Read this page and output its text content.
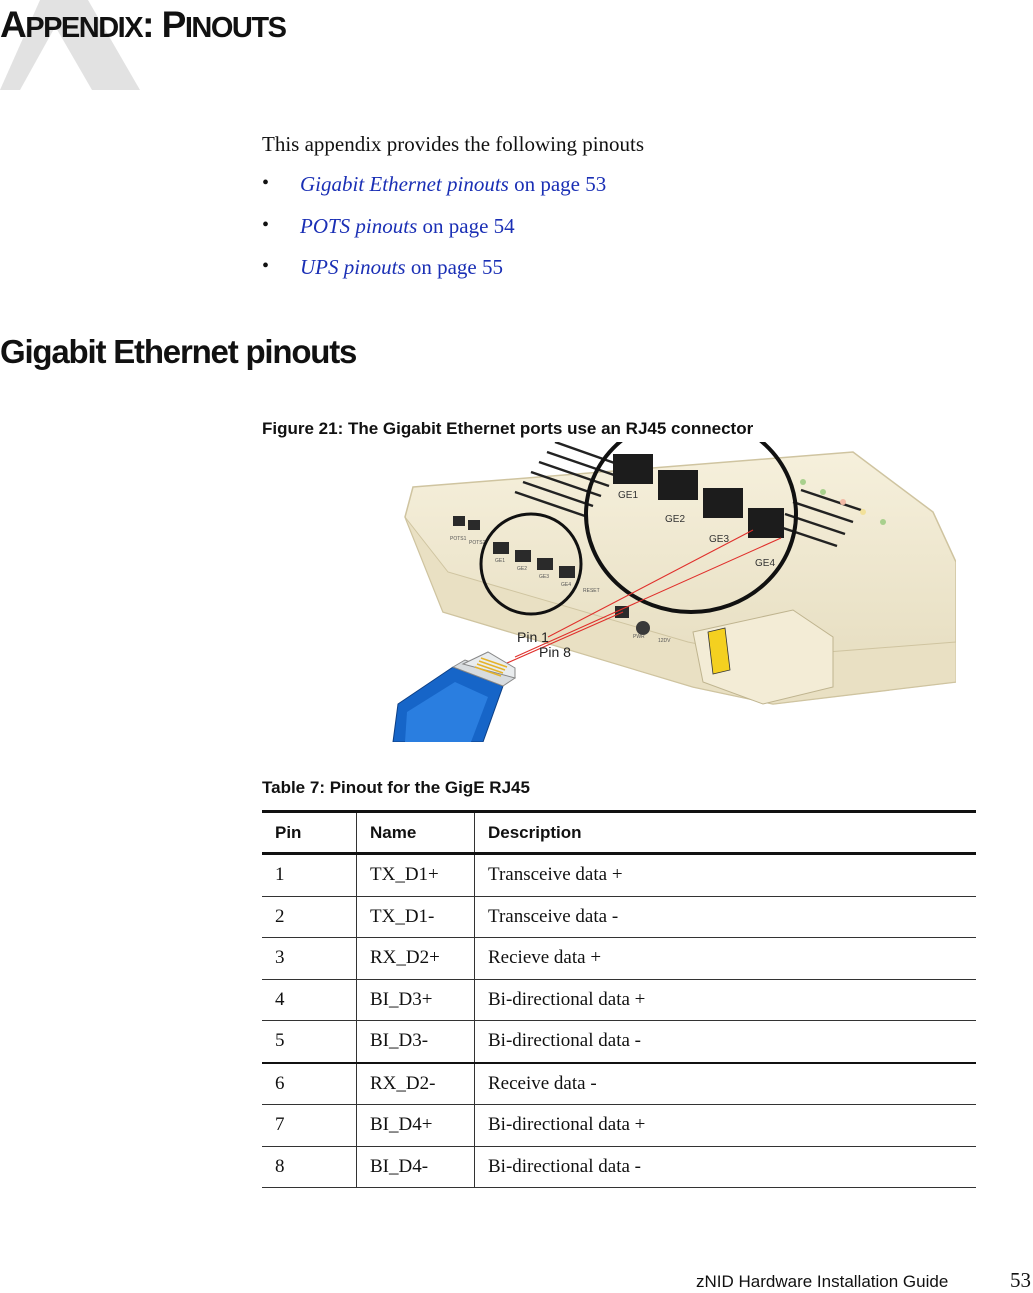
APPENDIX: PINOUTS

This appendix provides the following pinouts

• Gigabit Ethernet pinouts on page 53
• POTS pinouts on page 54
• UPS pinouts on page 55
Gigabit Ethernet pinouts

Figure 21: The Gigabit Ethernet ports use an RJ45 connector

POTS1
POTS2
GE1
GE2
GE3
GE4
RESET
PWR
12DV
GE1
GE2
GE3
GE4
Pin 1
Pin 8

Table 7: Pinout for the GigE RJ45

Pin	Name	Description
1	TX_D1+	Transceive data +
2	TX_D1-	Transceive data -
3	RX_D2+	Recieve data +
4	BI_D3+	Bi-directional data +
5	BI_D3-	Bi-directional data -
6	RX_D2-	Receive data -
7	BI_D4+	Bi-directional data +
8	BI_D4-	Bi-directional data -
zNID Hardware Installation Guide	53
